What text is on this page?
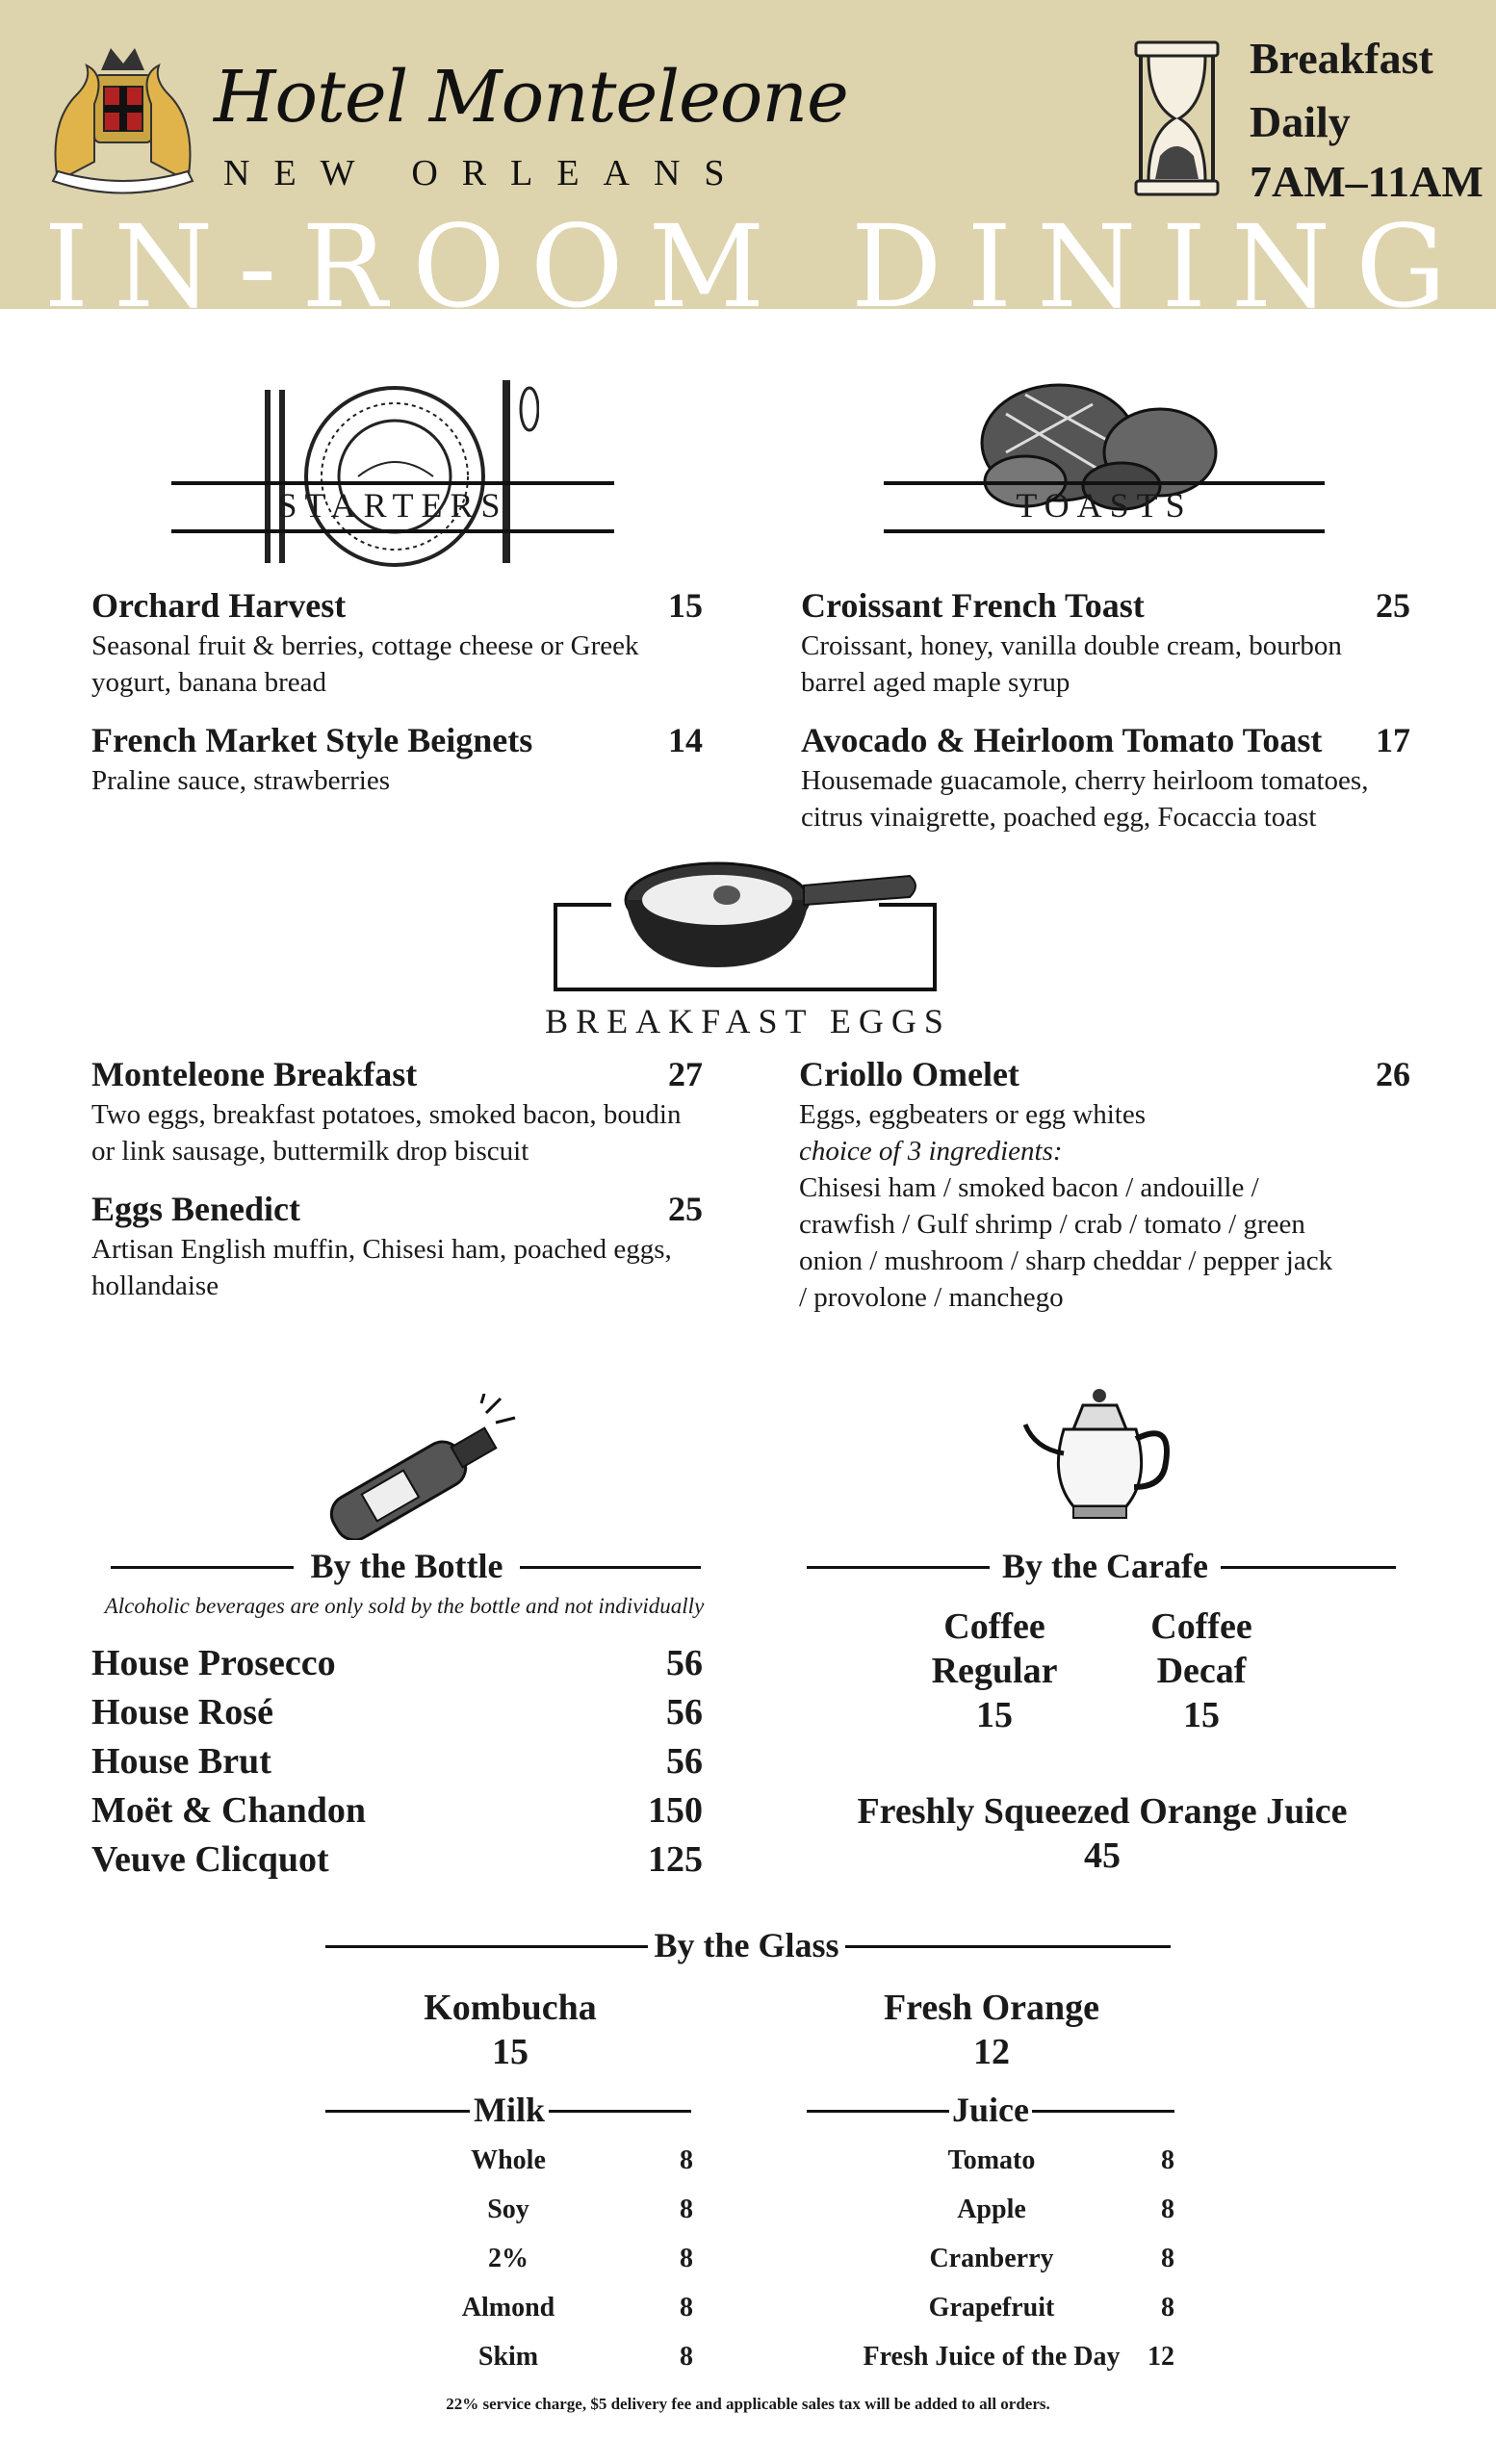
Hotel Monteleone
NEW ORLEANS
Breakfast
Daily
7AM–11AM
IN-ROOM DINING
STARTERS	TOASTS
Orchard Harvest	15
Seasonal fruit & berries, cottage cheese or Greek yogurt, banana bread
French Market Style Beignets	14
Praline sauce, strawberries
Croissant French Toast	25
Croissant, honey, vanilla double cream, bourbon barrel aged maple syrup
Avocado & Heirloom Tomato Toast	17
Housemade guacamole, cherry heirloom tomatoes, citrus vinaigrette, poached egg, Focaccia toast
BREAKFAST EGGS
Monteleone Breakfast	27
Two eggs, breakfast potatoes, smoked bacon, boudin or link sausage, buttermilk drop biscuit
Eggs Benedict	25
Artisan English muffin, Chisesi ham, poached eggs, hollandaise
Criollo Omelet	26
Eggs, eggbeaters or egg whites
choice of 3 ingredients:
Chisesi ham / smoked bacon / andouille / crawfish / Gulf shrimp / crab / tomato / green onion / mushroom / sharp cheddar / pepper jack / provolone / manchego
By the Bottle
Alcoholic beverages are only sold by the bottle and not individually
House Prosecco	56
House Rosé	56
House Brut	56
Moët & Chandon	150
Veuve Clicquot	125
By the Carafe
Coffee
Regular
15
Coffee
Decaf
15
Freshly Squeezed Orange Juice
45
By the Glass
Kombucha
15
Fresh Orange
12
Milk
Whole	8
Soy	8
2%	8
Almond	8
Skim	8
Juice
Tomato	8
Apple	8
Cranberry	8
Grapefruit	8
Fresh Juice of the Day	12
22% service charge, $5 delivery fee and applicable sales tax will be added to all orders.
